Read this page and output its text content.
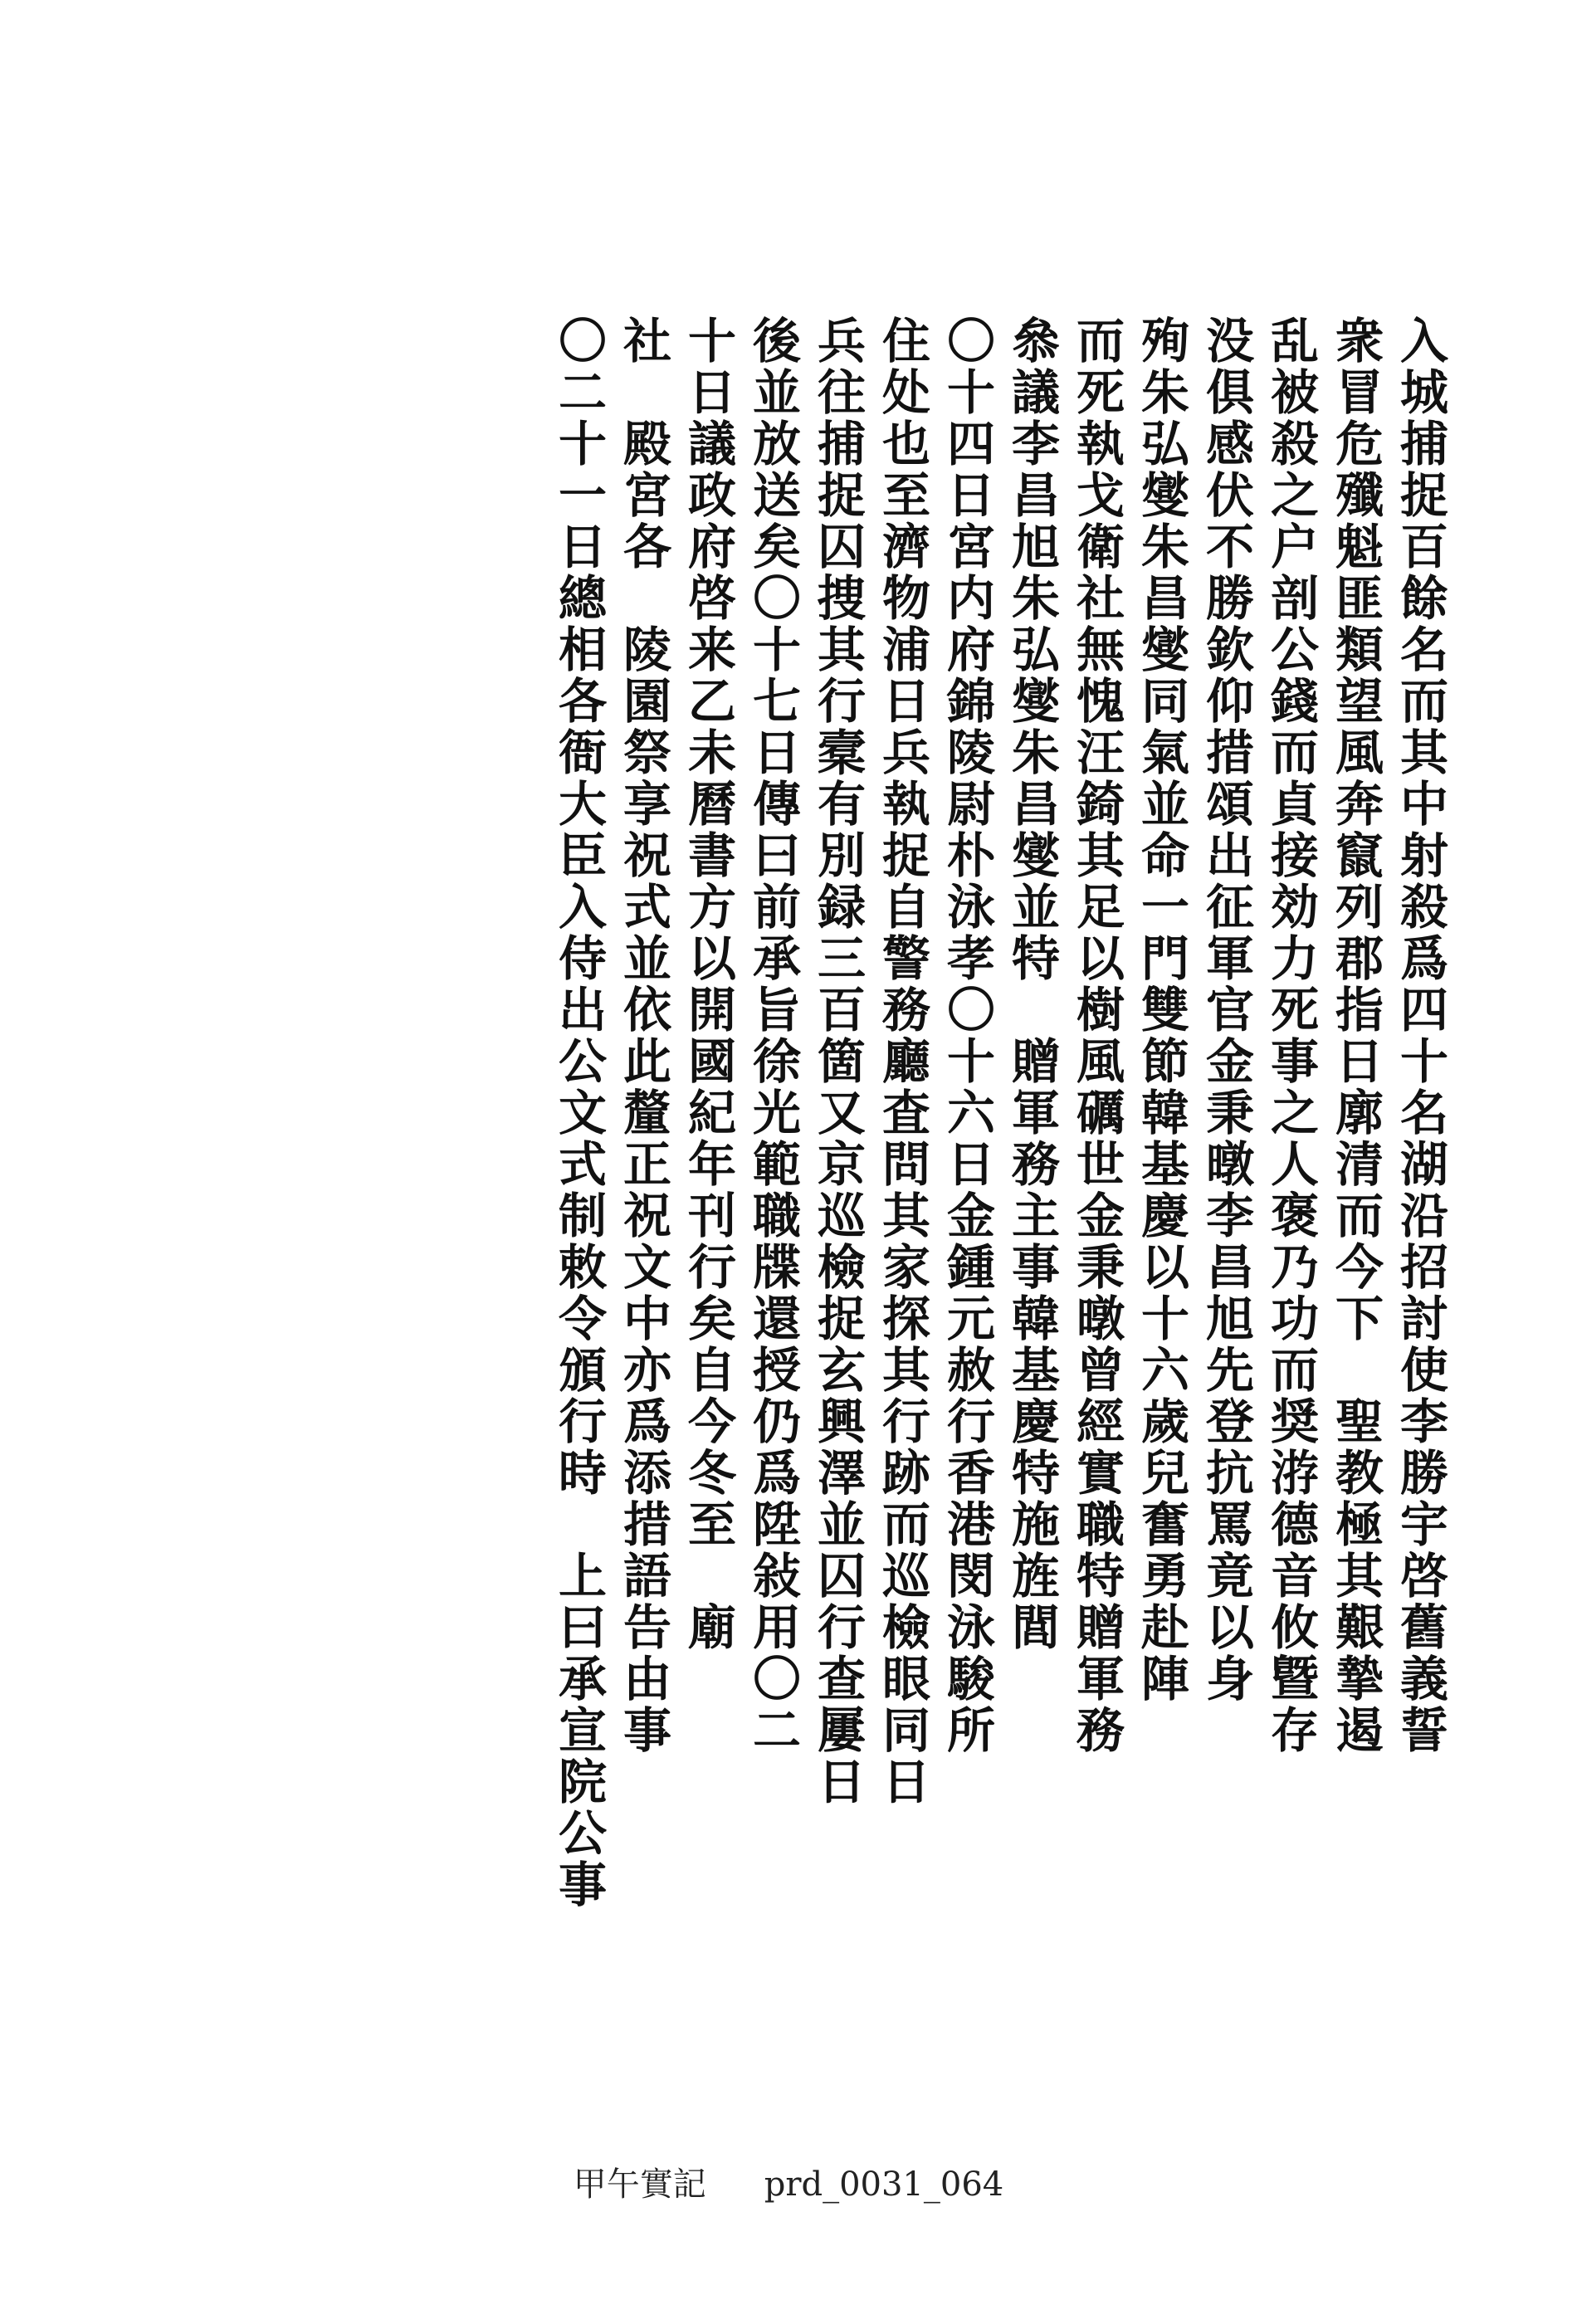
入城捕捉百餘名而其中射殺爲四十名湖沿招討使李勝宇啓舊義誓
衆冒危殲魁匪類望風奔竄列郡指日廓清而今下　聖教極其艱摯遏
乱被殺之户剖公錢而貞接効力死事之人褒乃功而奨㳺德音攸曁存
没俱感伏不勝欽仰措頌出征軍官金秉暾李昌旭先登抗罵竟以身
殉朱弘燮朱昌燮同氣並命一門雙節韓基慶以十六歲兒奮勇赴陣
而死執戈衛社無愧汪錡其足以樹風礪世金秉暾曾經實職特贈軍務
叅議李昌旭朱弘燮朱昌燮並特　贈軍務主事韓基慶特施旌閭
〇十四日宮内府錦陵尉朴泳孝〇十六日金鍾元赦行香港閔泳駿所
住处也至濟物浦日兵執捉自警務廳査問其家探其行跡而巡檢眼同日
兵往捕捉囚捜其行槖有別録三百箇又京巡檢捉玄興澤並囚行查屢日
後並放送矣〇十七日傳曰前承旨徐光範職牒還授仍爲陞敍用〇二
十日議政府啓来乙未曆書方以開國紀年刊行矣自今冬至　廟
社　殿宮各　陵園祭享祝式並依此釐正祝文中亦爲添措語告由事
〇二十一日總相各衙大臣入侍出公文式制敕令頒行時　上曰承宣院公事
甲午實記 prd_0031_064
